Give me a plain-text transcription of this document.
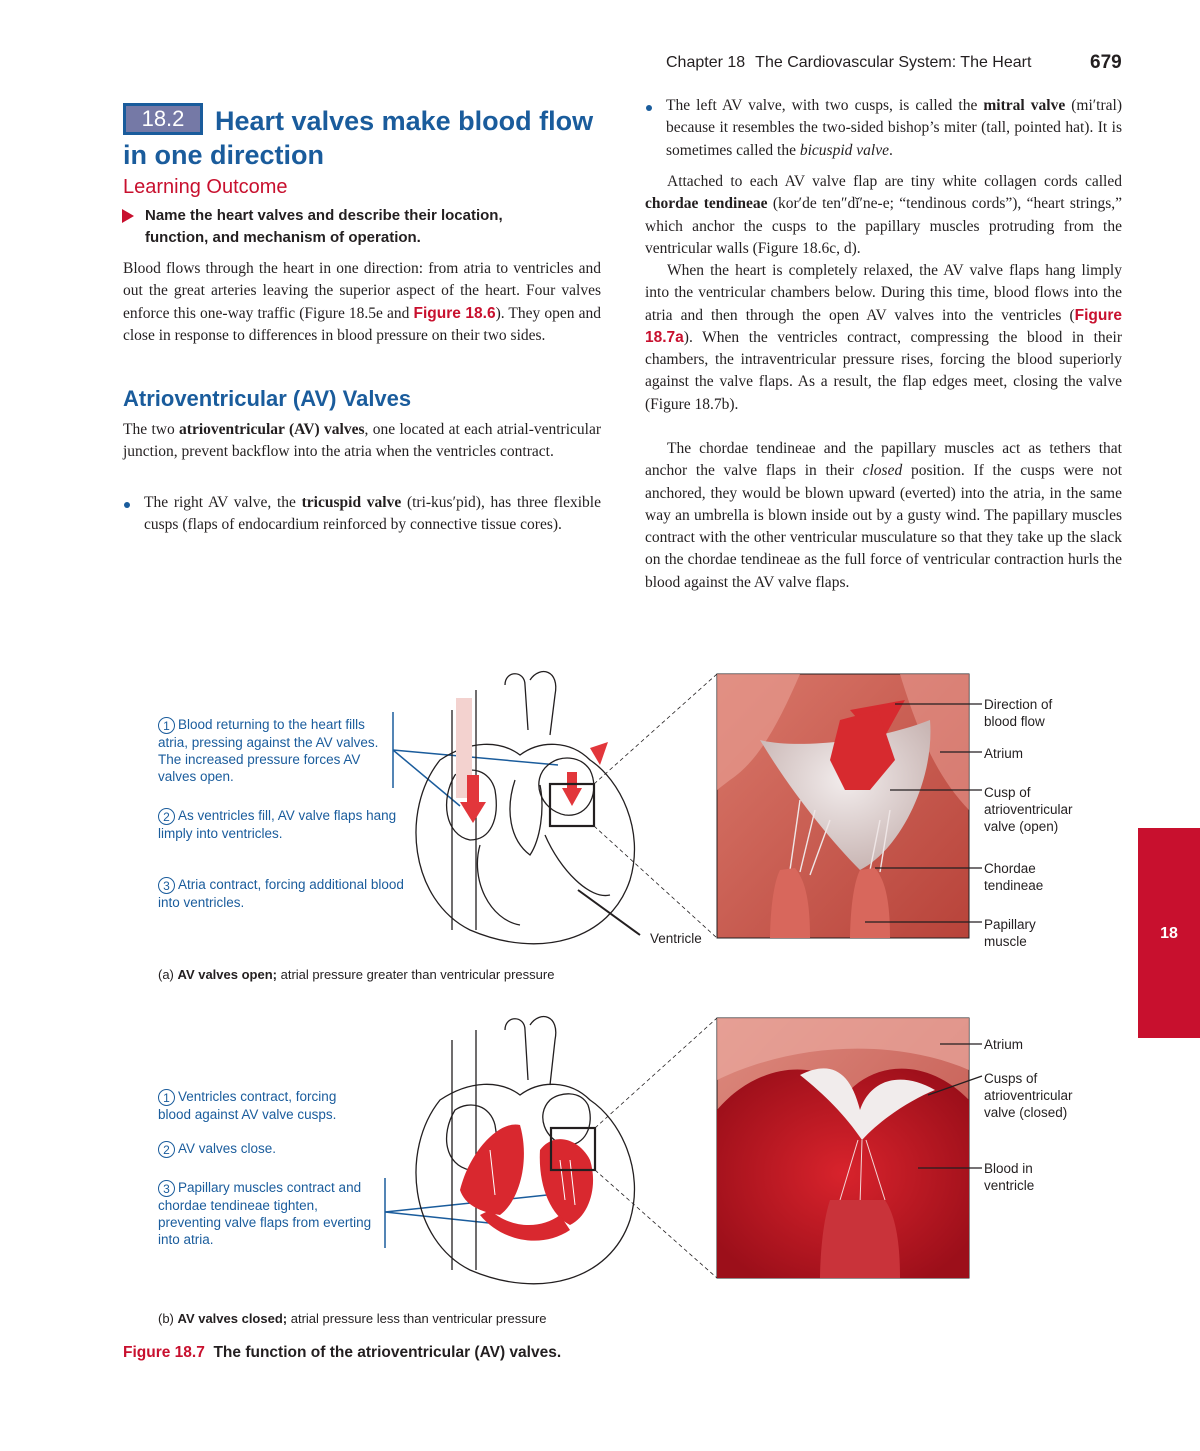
Chapter 18 The Cardiovascular System: The Heart	679
18.2	Heart valves make blood flow in one direction
Learning Outcome
Name the heart valves and describe their location, function, and mechanism of operation.
Blood flows through the heart in one direction: from atria to ventricles and out the great arteries leaving the superior aspect of the heart. Four valves enforce this one-way traffic (Figure 18.5e and Figure 18.6). They open and close in response to differences in blood pressure on their two sides.
Atrioventricular (AV) Valves
The two atrioventricular (AV) valves, one located at each atrial-ventricular junction, prevent backflow into the atria when the ventricles contract.
The right AV valve, the tricuspid valve (tri-kus′pid), has three flexible cusps (flaps of endocardium reinforced by connective tissue cores).
The left AV valve, with two cusps, is called the mitral valve (mi′tral) because it resembles the two-sided bishop’s miter (tall, pointed hat). It is sometimes called the bicuspid valve.
Attached to each AV valve flap are tiny white collagen cords called chordae tendineae (kor′de ten″dĭ′ne-e; “tendinous cords”), “heart strings,” which anchor the cusps to the papillary muscles protruding from the ventricular walls (Figure 18.6c, d).
When the heart is completely relaxed, the AV valve flaps hang limply into the ventricular chambers below. During this time, blood flows into the atria and then through the open AV valves into the ventricles (Figure 18.7a). When the ventricles contract, compressing the blood in their chambers, the intraventricular pressure rises, forcing the blood superiorly against the valve flaps. As a result, the flap edges meet, closing the valve (Figure 18.7b).
The chordae tendineae and the papillary muscles act as tethers that anchor the valve flaps in their closed position. If the cusps were not anchored, they would be blown upward (everted) into the atria, in the same way an umbrella is blown inside out by a gusty wind. The papillary muscles contract with the other ventricular musculature so that they take up the slack on the chordae tendineae as the full force of ventricular contraction hurls the blood against the AV valve flaps.
1 Blood returning to the heart fills atria, pressing against the AV valves. The increased pressure forces AV valves open.
2 As ventricles fill, AV valve flaps hang limply into ventricles.
3 Atria contract, forcing additional blood into ventricles.
Ventricle
Direction of blood flow
Atrium
Cusp of atrioventricular valve (open)
Chordae tendineae
Papillary muscle
(a) AV valves open; atrial pressure greater than ventricular pressure
1 Ventricles contract, forcing blood against AV valve cusps.
2 AV valves close.
3 Papillary muscles contract and chordae tendineae tighten, preventing valve flaps from everting into atria.
Atrium
Cusps of atrioventricular valve (closed)
Blood in ventricle
(b) AV valves closed; atrial pressure less than ventricular pressure
Figure 18.7 The function of the atrioventricular (AV) valves.
18
